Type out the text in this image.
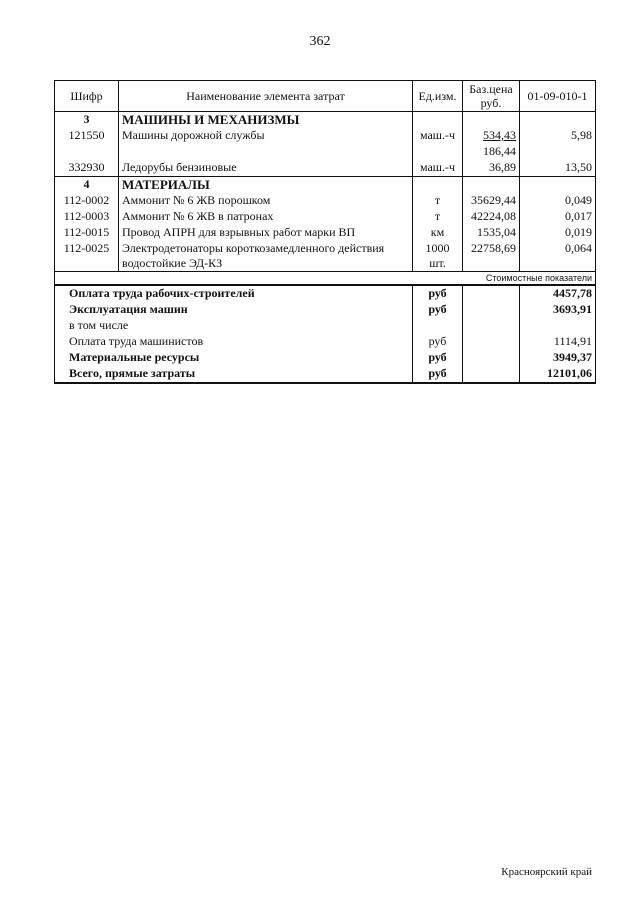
362
Шифр	Наименование элемента затрат	Ед.изм.	Баз.цена руб.	01-09-010-1
3	МАШИНЫ И МЕХАНИЗМЫ			
121550	Машины дорожной службы	маш.-ч	534,43	5,98
			186,44	
332930	Ледорубы бензиновые	маш.-ч	36,89	13,50
4	МАТЕРИАЛЫ			
112-0002	Аммонит № 6 ЖВ порошком	т	35629,44	0,049
112-0003	Аммонит № 6 ЖВ в патронах	т	42224,08	0,017
112-0015	Провод АПРН для взрывных работ марки ВП	км	1535,04	0,019
112-0025	Электродетонаторы короткозамедленного действия водостойкие ЭД-КЗ	1000 шт.	22758,69	0,064
Стоимостные показатели				
Оплата труда рабочих-строителей		руб		4457,78
Эксплуатация машин		руб		3693,91
в том числе				
Оплата труда машинистов		руб		1114,91
Материальные ресурсы		руб		3949,37
Всего, прямые затраты		руб		12101,06
Красноярский край
